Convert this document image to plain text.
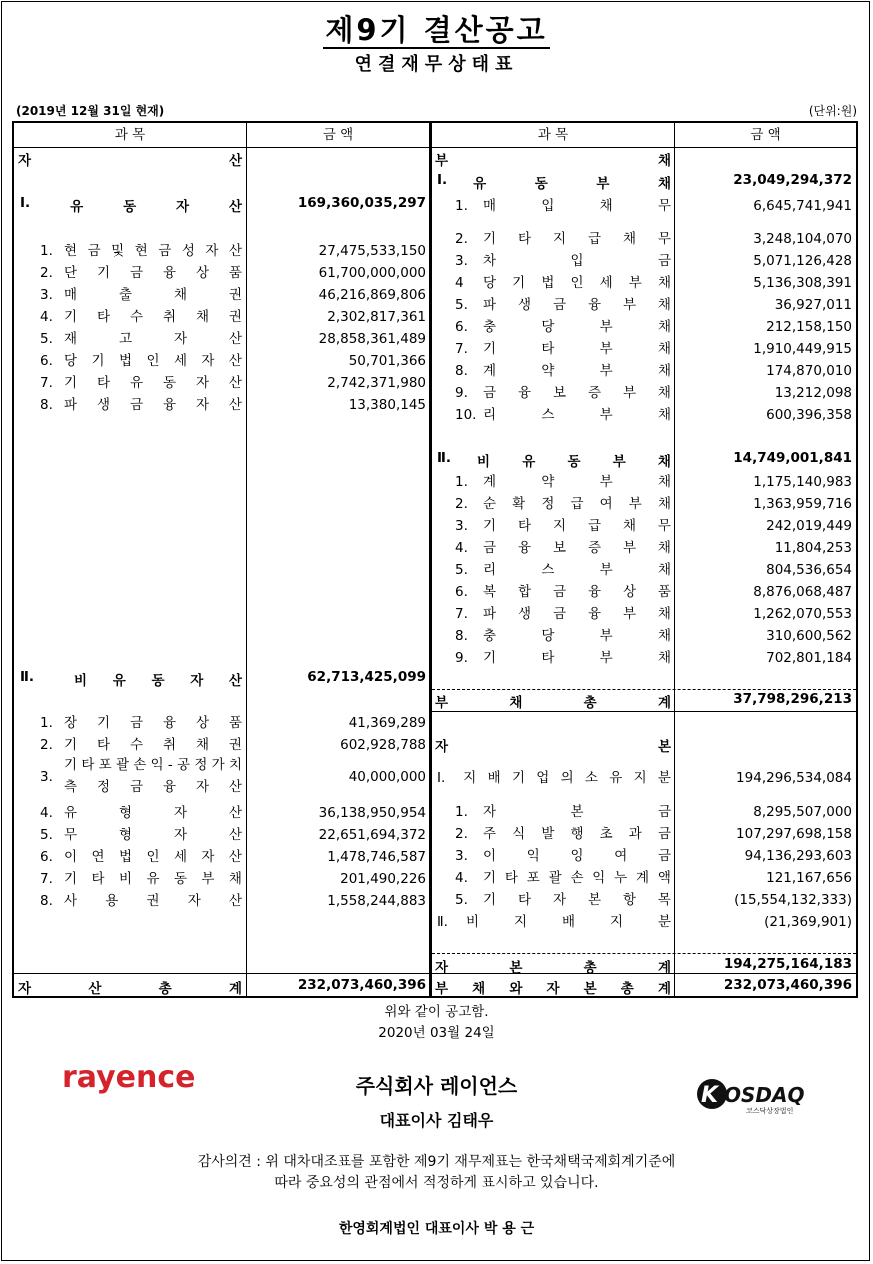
제9기 결산공고
연결재무상태표
(2019년 12월 31일 현재)	(단위:원)
과 목	금 액	과 목	금 액
자	산
Ⅰ.	유	동	자	산	169,360,035,297
1. 현 금 및 현 금 성 자 산	27,475,533,150
2. 단 기 금 융 상 품	61,700,000,000
3. 매	출	채	권	46,216,869,806
4. 기 타 수 취 채 권	2,302,817,361
5. 재	고	자	산	28,858,361,489
6. 당 기 법 인 세 자 산	50,701,366
7. 기 타 유 동 자 산	2,742,371,980
8. 파 생 금 융 자 산	13,380,145
Ⅱ.	비 유 동 자 산	62,713,425,099
1. 장 기 금 융 상 품	41,369,289
2. 기 타 수 취 채 권	602,928,788
기 타 포 괄 손 익 - 공 정 가 치
측 정 금 융 자 산
3.	40,000,000
4. 유	형	자	산	36,138,950,954
5. 무	형	자	산	22,651,694,372
6. 이 연 법 인 세 자 산	1,478,746,587
7. 기 타 비 유 동 부 채	201,490,226
8. 사 용 권 자 산	1,558,244,883
자	산	총	계	232,073,460,396
부	채
Ⅰ. 유	동	부	채	23,049,294,372
1.	매	입	채	무	6,645,741,941
2.	기 타 지 급 채 무	3,248,104,070
3.	차	입	금	5,071,126,428
4	당 기 법 인 세 부 채	5,136,308,391
5.	파 생 금 융 부 채	36,927,011
6.	충	당	부	채	212,158,150
7.	기	타	부	채	1,910,449,915
8.	계	약	부	채	174,870,010
9.	금 융 보 증 부 채	13,212,098
10. 리	스	부	채	600,396,358
Ⅱ. 비 유 동 부 채	14,749,001,841
1.	계	약	부	채	1,175,140,983
2.	순 확 정 급 여 부 채	1,363,959,716
3.	기 타 지 급 채 무	242,019,449
4.	금 융 보 증 부 채	11,804,253
5.	리	스	부	채	804,536,654
6.	복 합 금 융 상 품	8,876,068,487
7.	파 생 금 융 부 채	1,262,070,553
8.	충	당	부	채	310,600,562
9.	기	타	부	채	702,801,184
부	채	총	계	37,798,296,213
자	본
Ⅰ. 지 배 기 업 의 소 유 지 분	194,296,534,084
1.	자	본	금	8,295,507,000
2.	주 식 발 행 초 과 금	107,297,698,158
3.	이 익 잉 여 금	94,136,293,603
4.	기 타 포 괄 손 익 누 계 액	121,167,656
5.	기 타 자 본 항 목	(15,554,132,333)
Ⅱ. 비	지	배	지	분	(21,369,901)
자	본	총	계	194,275,164,183
부 채 와 자 본 총 계	232,073,460,396
위와 같이 공고함.
2020년 03월 24일
rayence	주식회사 레이언스
대표이사 김태우
K OSDAQ
코스닥상장법인
감사의견 : 위 대차대조표를 포함한 제9기 재무제표는 한국채택국제회계기준에
따라 중요성의 관점에서 적정하게 표시하고 있습니다.
한영회계법인 대표이사 박 용 근
